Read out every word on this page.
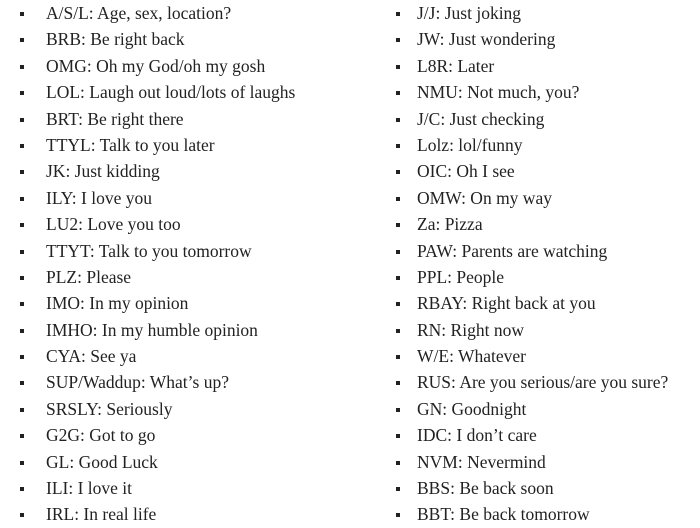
A/S/L: Age, sex, location?
BRB: Be right back
OMG: Oh my God/oh my gosh
LOL: Laugh out loud/lots of laughs
BRT: Be right there
TTYL: Talk to you later
JK: Just kidding
ILY: I love you
LU2: Love you too
TTYT: Talk to you tomorrow
PLZ: Please
IMO: In my opinion
IMHO: In my humble opinion
CYA: See ya
SUP/Waddup: What’s up?
SRSLY: Seriously
G2G: Got to go
GL: Good Luck
ILI: I love it
IRL: In real life
J/J: Just joking
JW: Just wondering
L8R: Later
NMU: Not much, you?
J/C: Just checking
Lolz: lol/funny
OIC: Oh I see
OMW: On my way
Za: Pizza
PAW: Parents are watching
PPL: People
RBAY: Right back at you
RN: Right now
W/E: Whatever
RUS: Are you serious/are you sure?
GN: Goodnight
IDC: I don’t care
NVM: Nevermind
BBS: Be back soon
BBT: Be back tomorrow
